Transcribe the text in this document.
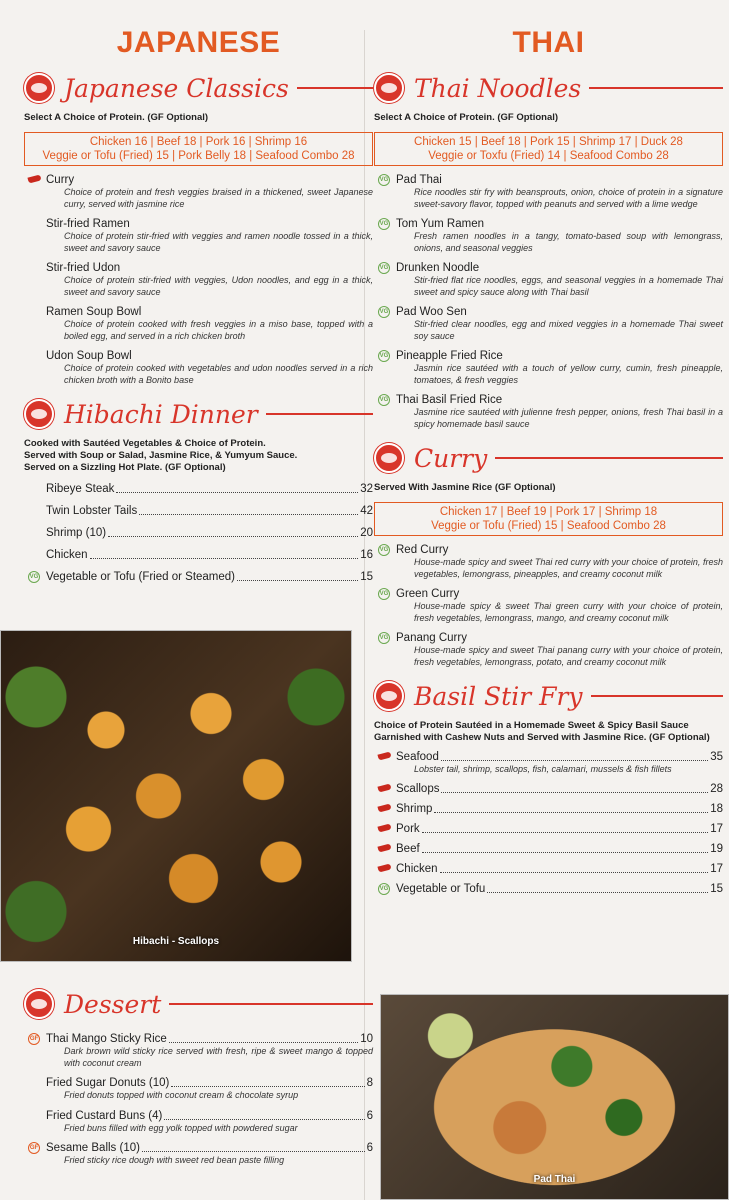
JAPANESE
Japanese Classics
Select A Choice of Protein. (GF Optional)
Chicken 16 | Beef 18 | Pork 16 | Shrimp 16
Veggie or Tofu (Fried) 15 | Pork Belly 18 | Seafood Combo 28
Curry
Choice of protein and fresh veggies braised in a thickened, sweet Japanese curry, served with jasmine rice
Stir-fried Ramen
Choice of protein stir-fried with veggies and ramen noodle tossed in a thick, sweet and savory sauce
Stir-fried Udon
Choice of protein stir-fried with veggies, Udon noodles, and egg in a thick, sweet and savory sauce
Ramen Soup Bowl
Choice of protein cooked with fresh veggies in a miso base, topped with a boiled egg, and served in a rich chicken broth
Udon Soup Bowl
Choice of protein cooked with vegetables and udon noodles served in a rich chicken broth with a Bonito base
Hibachi Dinner
Cooked with Sautéed Vegetables & Choice of Protein.
Served with Soup or Salad, Jasmine Rice, & Yumyum Sauce.
Served on a Sizzling Hot Plate. (GF Optional)
Ribeye Steak	32
Twin Lobster Tails	42
Shrimp (10)	20
Chicken	16
VG Vegetable or Tofu (Fried or Steamed)	15
Hibachi - Scallops
Dessert
GF Thai Mango Sticky Rice	10
Dark brown wild sticky rice served with fresh, ripe & sweet mango & topped with coconut cream
Fried Sugar Donuts (10)	8
Fried donuts topped with coconut cream & chocolate syrup
Fried Custard Buns (4)	6
Fried buns filled with egg yolk topped with powdered sugar
GF Sesame Balls (10)	6
Fried sticky rice dough with sweet red bean paste filling
THAI
Thai Noodles
Select A Choice of Protein. (GF Optional)
Chicken 15 | Beef 18 | Pork 15 | Shrimp 17 | Duck 28
Veggie or Toxfu (Fried) 14 | Seafood Combo 28
VG Pad Thai
Rice noodles stir fry with beansprouts, onion, choice of protein in a signature sweet-savory flavor, topped with peanuts and served with a lime wedge
VG Tom Yum Ramen
Fresh ramen noodles in a tangy, tomato-based soup with lemongrass, onions, and seasonal veggies
VG Drunken Noodle
Stir-fried flat rice noodles, eggs, and seasonal veggies in a homemade Thai sweet and spicy sauce along with Thai basil
VG Pad Woo Sen
Stir-fried clear noodles, egg and mixed veggies in a homemade Thai sweet soy sauce
VG Pineapple Fried Rice
Jasmin rice sautéed with a touch of yellow curry, cumin, fresh pineapple, tomatoes, & fresh veggies
VG Thai Basil Fried Rice
Jasmine rice sautéed with julienne fresh pepper, onions, fresh Thai basil in a spicy homemade basil sauce
Curry
Served With Jasmine Rice (GF Optional)
Chicken 17 | Beef 19 | Pork 17 | Shrimp 18
Veggie or Tofu (Fried) 15 | Seafood Combo 28
VG Red Curry
House-made spicy and sweet Thai red curry with your choice of protein, fresh vegetables, lemongrass, pineapples, and creamy coconut milk
VG Green Curry
House-made spicy & sweet Thai green curry with your choice of protein, fresh vegetables, lemongrass, mango, and creamy coconut milk
VG Panang Curry
House-made spicy and sweet Thai panang curry with your choice of protein, fresh vegetables, lemongrass, potato, and creamy coconut milk
Basil Stir Fry
Choice of Protein Sautéed in a Homemade Sweet & Spicy Basil Sauce Garnished with Cashew Nuts and Served with Jasmine Rice. (GF Optional)
Seafood	35
Lobster tail, shrimp, scallops, fish, calamari, mussels & fish fillets
Scallops	28
Shrimp	18
Pork	17
Beef	19
Chicken	17
VG Vegetable or Tofu	15
Pad Thai
